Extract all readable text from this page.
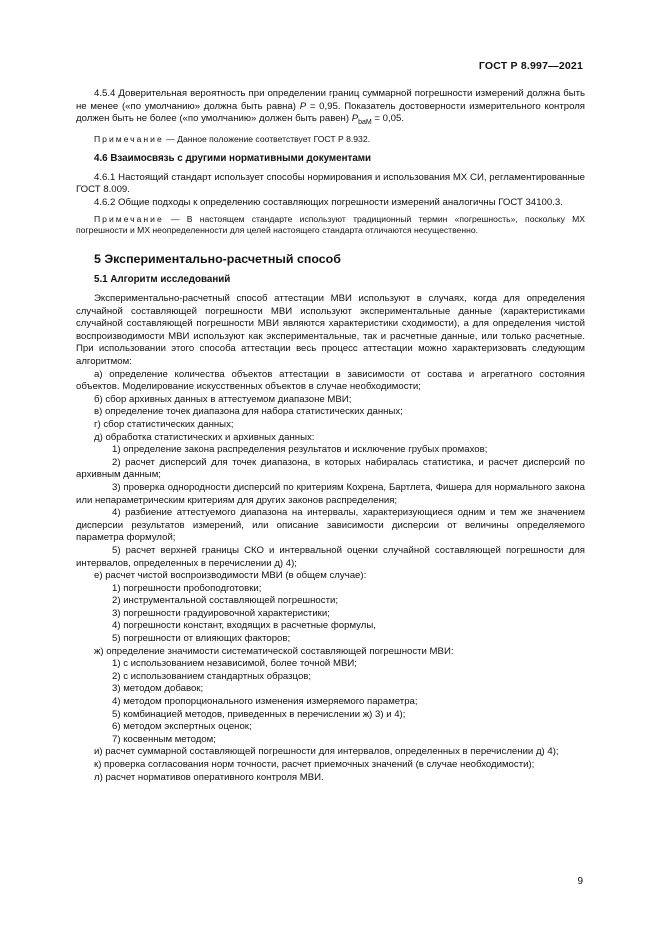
ГОСТ Р 8.997—2021

4.5.4 Доверительная вероятность при определении границ суммарной погрешности измерений должна быть не менее («по умолчанию» должна быть равна) P = 0,95. Показатель достоверности измерительного контроля должен быть не более («по умолчанию» должен быть равен) $P_{bаM} = 0,05$.

Примечание — Данное положение соответствует ГОСТ Р 8.932.

4.6 Взаимосвязь с другими нормативными документами

4.6.1 Настоящий стандарт использует способы нормирования и использования МХ СИ, регламентированные ГОСТ 8.009.

4.6.2 Общие подходы к определению составляющих погрешности измерений аналогичны ГОСТ 34100.3.

Примечание — В настоящем стандарте используют традиционный термин «погрешность», поскольку МХ погрешности и МХ неопределенности для целей настоящего стандарта отличаются несущественно.

5 Экспериментально-расчетный способ

5.1 Алгоритм исследований

Экспериментально-расчетный способ аттестации МВИ используют в случаях, когда для определения случайной составляющей погрешности МВИ используют экспериментальные данные (характеристиками случайной составляющей погрешности МВИ являются характеристики сходимости), а для определения чистой воспроизводимости МВИ используют как экспериментальные, так и расчетные данные, или только расчетные. При использовании этого способа аттестации весь процесс аттестации можно характеризовать следующим алгоритмом:

а) определение количества объектов аттестации в зависимости от состава и агрегатного состояния объектов. Моделирование искусственных объектов в случае необходимости;

б) сбор архивных данных в аттестуемом диапазоне МВИ;

в) определение точек диапазона для набора статистических данных;

г) сбор статистических данных;

д) обработка статистических и архивных данных:

1) определение закона распределения результатов и исключение грубых промахов;

2) расчет дисперсий для точек диапазона, в которых набиралась статистика, и расчет дисперсий по архивным данным;

3) проверка однородности дисперсий по критериям Кохрена, Бартлета, Фишера для нормального закона или непараметрическим критериям для других законов распределения;

4) разбиение аттестуемого диапазона на интервалы, характеризующиеся одним и тем же значением дисперсии результатов измерений, или описание зависимости дисперсии от величины определяемого параметра формулой;

5) расчет верхней границы СКО и интервальной оценки случайной составляющей погрешности для интервалов, определенных в перечислении д) 4);

е) расчет чистой воспроизводимости МВИ (в общем случае):

1) погрешности пробоподготовки;

2) инструментальной составляющей погрешности;

3) погрешности градуировочной характеристики;

4) погрешности констант, входящих в расчетные формулы,

5) погрешности от влияющих факторов;

ж) определение значимости систематической составляющей погрешности МВИ:

1) с использованием независимой, более точной МВИ;

2) с использованием стандартных образцов;

3) методом добавок;

4) методом пропорционального изменения измеряемого параметра;

5) комбинацией методов, приведенных в перечислении ж) 3) и 4);

6) методом экспертных оценок;

7) косвенным методом;

и) расчет суммарной составляющей погрешности для интервалов, определенных в перечислении д) 4);

к) проверка согласования норм точности, расчет приемочных значений (в случае необходимости);

л) расчет нормативов оперативного контроля МВИ.

9
